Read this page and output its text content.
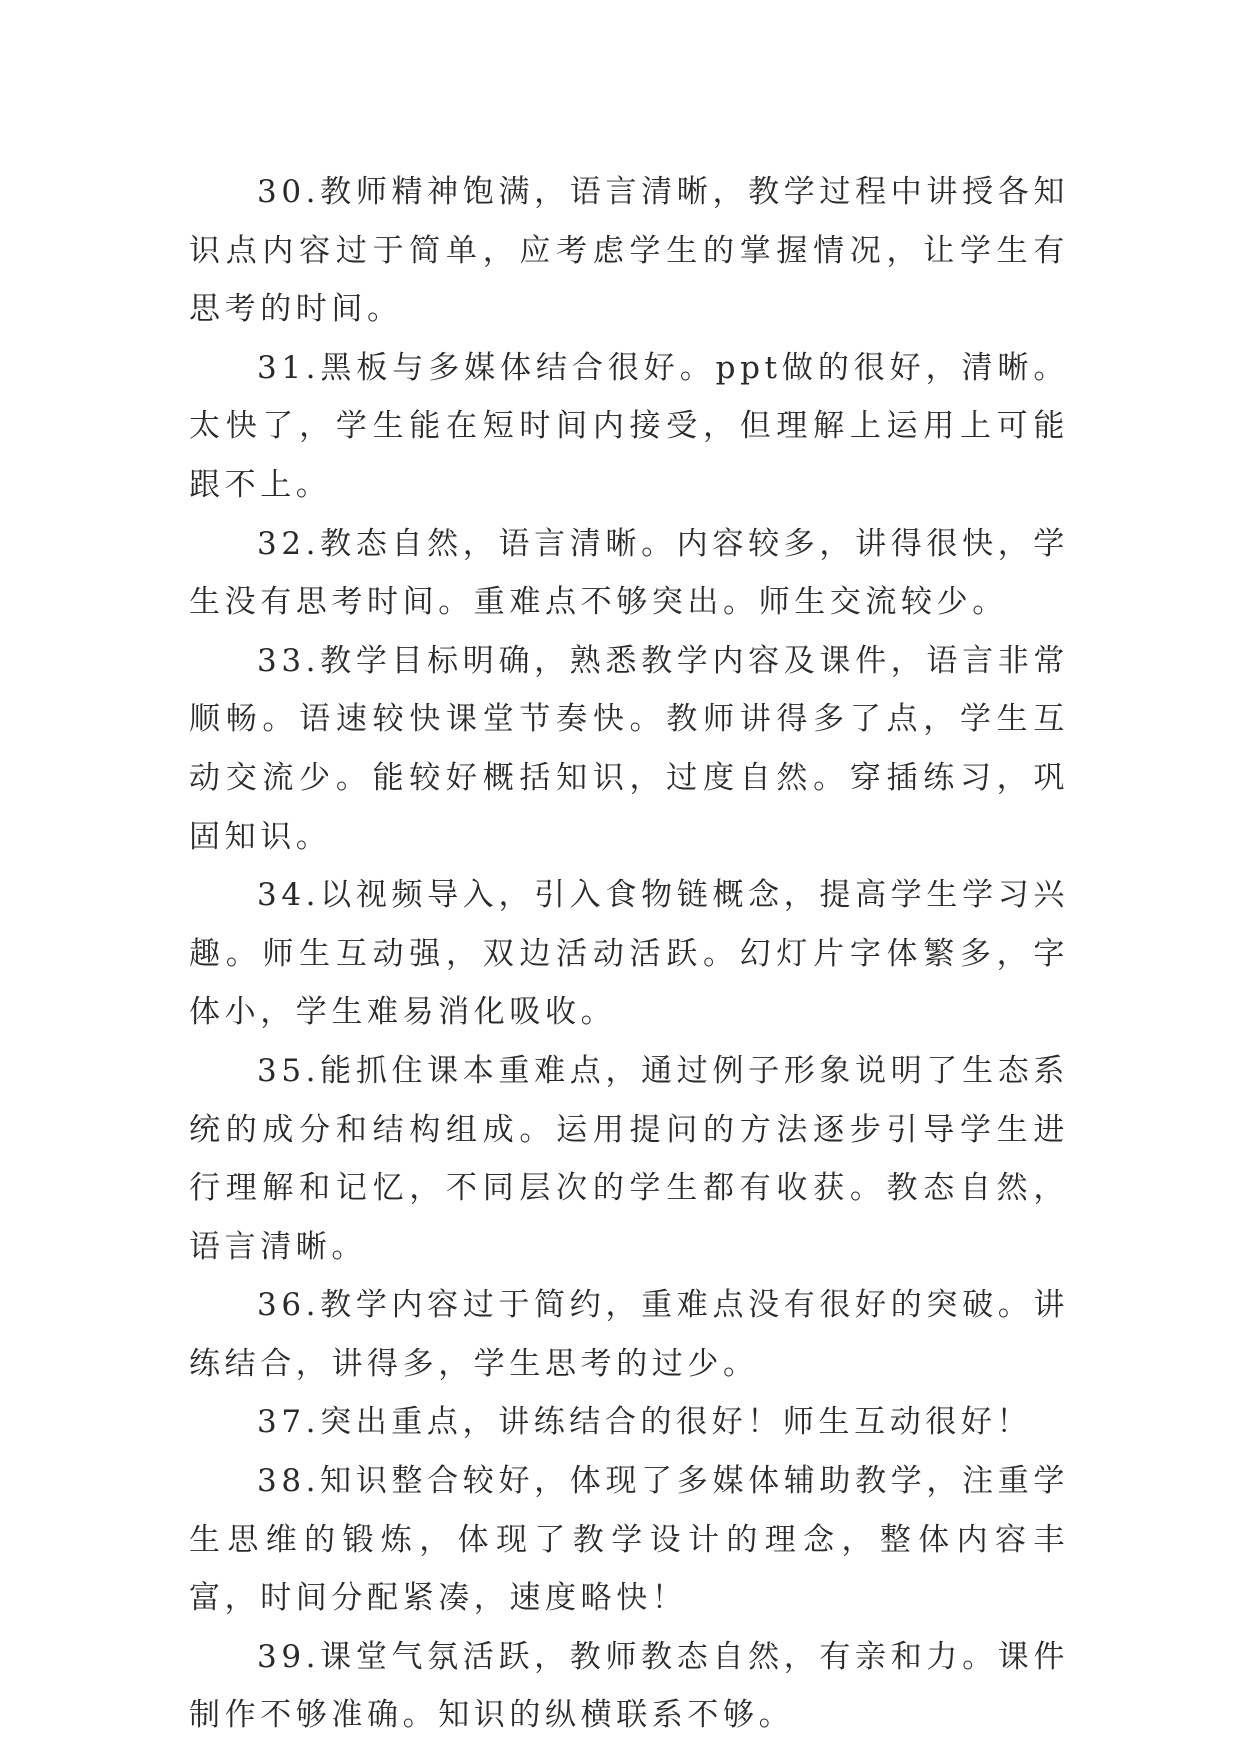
30.教师精神饱满，语言清晰，教学过程中讲授各知识点内容过于简单，应考虑学生的掌握情况，让学生有思考的时间。

31.黑板与多媒体结合很好。ppt做的很好，清晰。太快了，学生能在短时间内接受，但理解上运用上可能跟不上。

32.教态自然，语言清晰。内容较多，讲得很快，学生没有思考时间。重难点不够突出。师生交流较少。

33.教学目标明确，熟悉教学内容及课件，语言非常顺畅。语速较快课堂节奏快。教师讲得多了点，学生互动交流少。能较好概括知识，过度自然。穿插练习，巩固知识。

34.以视频导入，引入食物链概念，提高学生学习兴趣。师生互动强，双边活动活跃。幻灯片字体繁多，字体小，学生难易消化吸收。

35.能抓住课本重难点，通过例子形象说明了生态系统的成分和结构组成。运用提问的方法逐步引导学生进行理解和记忆，不同层次的学生都有收获。教态自然，语言清晰。

36.教学内容过于简约，重难点没有很好的突破。讲练结合，讲得多，学生思考的过少。

37.突出重点，讲练结合的很好！师生互动很好！

38.知识整合较好，体现了多媒体辅助教学，注重学生思维的锻炼，体现了教学设计的理念，整体内容丰富，时间分配紧凑，速度略快！

39.课堂气氛活跃，教师教态自然，有亲和力。课件制作不够准确。知识的纵横联系不够。
